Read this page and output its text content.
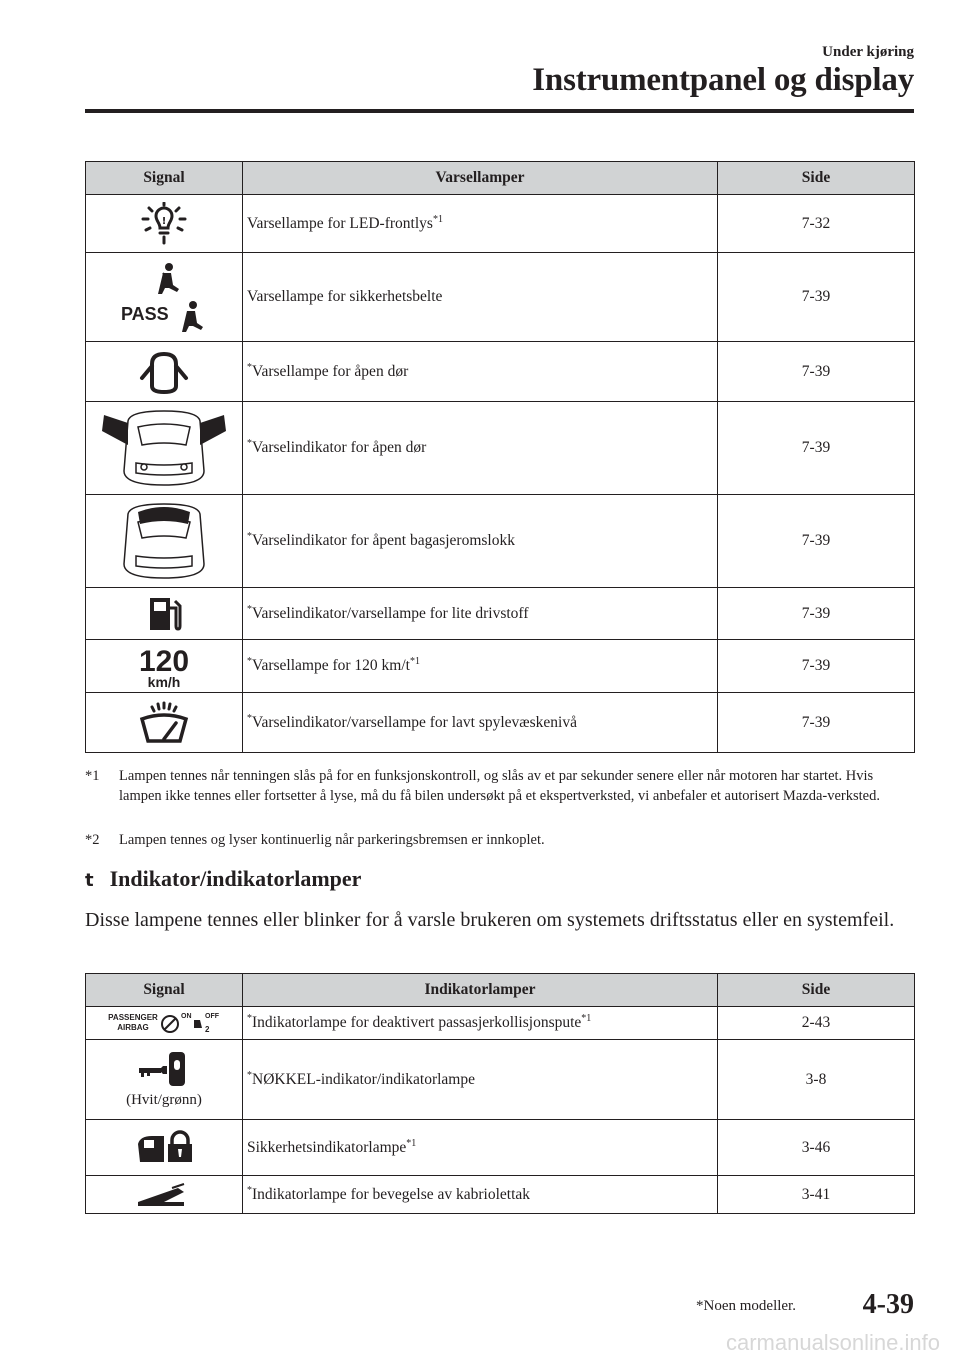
Under kjøring
Instrumentpanel og display
Signal	Varsellamper	Side

!	Varsellampe for LED-frontlys$^{*1}$	7-32

PASS	Varsellampe for sikkerhetsbelte	7-39
	*Varsellampe for åpen dør	7-39
	*Varselindikator for åpen dør	7-39
	*Varselindikator for åpent bagasjeromslokk	7-39
	*Varselindikator/varsellampe for lite drivstoff	7-39

120
km/h	*Varsellampe for 120 $km/t^{*1}$	7-39
	*Varselindikator/varsellampe for lavt spylevæskenivå	7-39
*1 Lampen tennes når tenningen slås på for en funksjonskontroll, og slås av et par sekunder senere eller når motoren har startet. Hvis lampen ikke tennes eller fortsetter å lyse, må du få bilen undersøkt på et ekspertverksted, vi anbefaler et autorisert Mazda-verksted.
*2 Lampen tennes og lyser kontinuerlig når parkeringsbremsen er innkoplet.
t Indikator/indikatorlamper
Disse lampene tennes eller blinker for å varsle brukeren om systemets driftsstatus eller en systemfeil.
Signal	Indikatorlamper	Side

PASSENGER
AIRBAG
ON OFF
2	*Indikatorlampe for deaktivert passasjerkollisjonspute$^{*1}$	2-43

(Hvit/grønn)	*NØKKEL-indikator/indikatorlampe	3-8
	Sikkerhetsindikatorlampe$^{*1}$	3-46
	*Indikatorlampe for bevegelse av kabriolettak	3-41
*Noen modeller. 4-39
carmanualsonline.info
